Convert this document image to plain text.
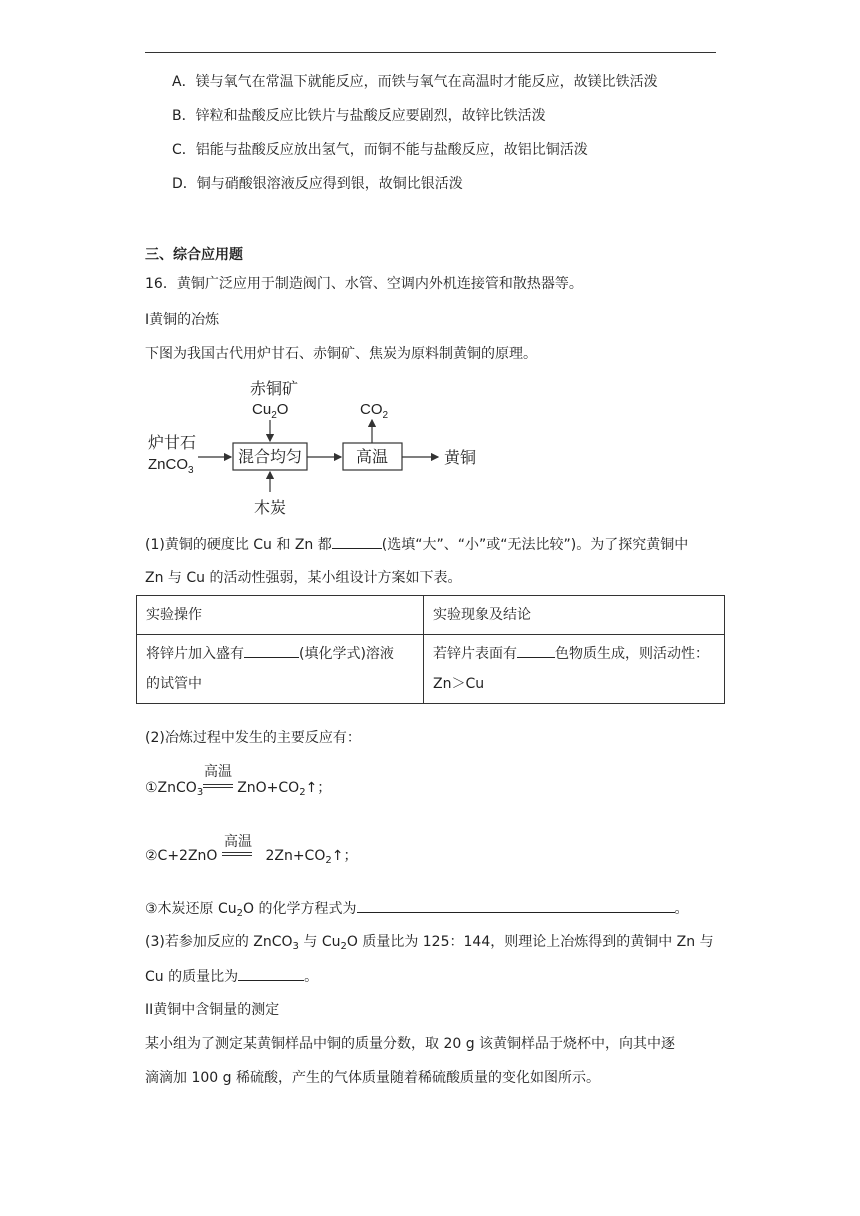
A．镁与氧气在常温下就能反应，而铁与氧气在高温时才能反应，故镁比铁活泼
B．锌粒和盐酸反应比铁片与盐酸反应要剧烈，故锌比铁活泼
C．铝能与盐酸反应放出氢气，而铜不能与盐酸反应，故铝比铜活泼
D．铜与硝酸银溶液反应得到银，故铜比银活泼
三、综合应用题
16．黄铜广泛应用于制造阀门、水管、空调内外机连接管和散热器等。
I黄铜的冶炼
下图为我国古代用炉甘石、赤铜矿、焦炭为原料制黄铜的原理。
炉甘石
ZnCO$_3$
赤铜矿
$Cu_2O$
混合均匀
木炭
高温
$CO_2$
黄铜
(1)黄铜的硬度比 Cu 和 Zn 都	(选填“大”、“小”或“无法比较”)。为了探究黄铜中
Zn 与 Cu 的活动性强弱，某小组设计方案如下表。
实验操作	实验现象及结论
将锌片加入盛有 (填化学式)溶液
的试管中	若锌片表面有 色物质生成，则活动性：
Zn＞Cu
(2)冶炼过程中发生的主要反应有：
①ZnCO$_3$ $ZnO+CO_2↑$；
高温
②C+2ZnO	$2Zn+CO_2↑$；
高温
③木炭还原 $Cu_2O$ 的化学方程式为	。
(3)若参加反应的 ZnCO$_3$ 与 $Cu_2O$ 质量比为 125：144，则理论上冶炼得到的黄铜中 Zn 与
Cu 的质量比为	。
II黄铜中含铜量的测定
某小组为了测定某黄铜样品中铜的质量分数，取 20 g 该黄铜样品于烧杯中，向其中逐
滴滴加 100 g 稀硫酸，产生的气体质量随着稀硫酸质量的变化如图所示。
